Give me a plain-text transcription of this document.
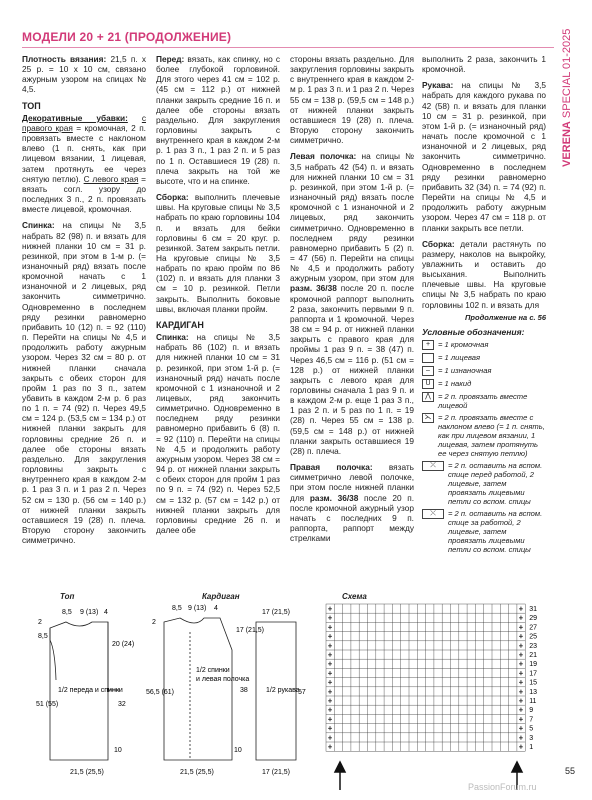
МОДЕЛИ 20 + 21 (ПРОДОЛЖЕНИЕ)
VERENA SPECIAL 01-2025

Плотность вязания: 21,5 п. x 25 р. = 10 x 10 см, связано ажурным узором на спицах № 4,5.

ТОП

Декоративные убавки: с правого края = кромочная, 2 п. провязать вместе с наклоном влево (1 п. снять, как при лицевом вязании, 1 лицевая, затем протянуть ее через снятую петлю). С левого края = вязать согл. узору до последних 3 п., 2 п. провязать вместе лицевой, кромочная.

Спинка: на спицы № 3,5 набрать 82 (98) п. и вязать для нижней планки 10 см = 31 р. резинкой, при этом в 1-м р. (= изнаночный ряд) вязать после кромочной начать с 1 изнаночной и 2 лицевых, ряд закончить симметрично. Одновременно в последнем ряду резинки равномерно прибавить 10 (12) п. = 92 (110) п. Перейти на спицы № 4,5 и продолжить работу ажурным узором. Через 32 см = 80 р. от нижней планки сначала закрыть с обеих сторон для пройм 1 раз по 3 п., затем убавить в каждом 2-м р. 6 раз по 1 п. = 74 (92) п. Через 49,5 см = 124 р. (53,5 см = 134 р.) от нижней планки закрыть для горловины средние 26 п. и далее обе стороны вязать раздельно. Для закругления горловины закрыть с внутреннего края в каждом 2-м р. 1 раз 3 п. и 1 раз 2 п. Через 52 см = 130 р. (56 см = 140 р.) от нижней планки закрыть оставшиеся 19 (28) п. плеча. Вторую сторону закончить симметрично.

Перед: вязать, как спинку, но с более глубокой горловиной. Для этого через 41 см = 102 р. (45 см = 112 р.) от нижней планки закрыть средние 16 п. и далее обе стороны вязать раздельно. Для закругления горловины закрыть с внутреннего края в каждом 2-м р. 1 раз 3 п., 1 раз 2 п. и 5 раз по 1 п. Оставшиеся 19 (28) п. плеча закрыть на той же высоте, что и на спинке.

Сборка: выполнить плечевые швы. На круговые спицы № 3,5 набрать по краю горловины 104 п. и вязать для бейки горловины 6 см = 20 круг. р. резинкой. Затем закрыть петли. На круговые спицы № 3,5 набрать по краю пройм по 86 (102) п. и вязать для планки 3 см = 10 р. резинкой. Петли закрыть. Выполнить боковые швы, включая планки пройм.

КАРДИГАН

Спинка: на спицы № 3,5 набрать 86 (102) п. и вязать для нижней планки 10 см = 31 р. резинкой, при этом 1-й р. (= изнаночный ряд) начать после кромочной с 1 изнаночной и 2 лицевых, ряд закончить симметрично. Одновременно в последнем ряду резинки равномерно прибавить 6 (8) п. = 92 (110) п. Перейти на спицы № 4,5 и продолжить работу ажурным узором. Через 38 см = 94 р. от нижней планки закрыть с обеих сторон для пройм 1 раз по 9 п. = 74 (92) п. Через 52,5 см = 132 р. (57 см = 142 р.) от нижней планки закрыть для горловины средние 26 п. и далее обе

стороны вязать раздельно. Для закругления горловины закрыть с внутреннего края в каждом 2-м р. 1 раз 3 п. и 1 раз 2 п. Через 55 см = 138 р. (59,5 см = 148 р.) от нижней планки закрыть оставшиеся 19 (28) п. плеча. Вторую сторону закончить симметрично.

Левая полочка: на спицы № 3,5 набрать 42 (54) п. и вязать для нижней планки 10 см = 31 р. резинкой, при этом 1-й р. (= изнаночный ряд) вязать после кромочной с 1 изнаночной и 2 лицевых, ряд закончить симметрично. Одновременно в последнем ряду резинки равномерно прибавить 5 (2) п. = 47 (56) п. Перейти на спицы № 4,5 и продолжить работу ажурным узором, при этом для разм. 36/38 после 20 п. после кромочной раппорт выполнить 2 раза, закончить первыми 9 п. раппорта и 1 кромочной. Через 38 см = 94 р. от нижней планки закрыть с правого края для проймы 1 раз 9 п. = 38 (47) п. Через 46,5 см = 116 р. (51 см = 128 р.) от нижней планки закрыть с левого края для горловины сначала 1 раз 9 п. и в каждом 2-м р. еще 1 раз 3 п., 1 раз 2 п. и 5 раз по 1 п. = 19 (28) п. Через 55 см = 138 р. (59,5 см = 148 р.) от нижней планки закрыть оставшиеся 19 (28) п. плеча.

Правая полочка: вязать симметрично левой полочке, при этом после нижней планки для разм. 36/38 после 20 п. после кромочной ажурный узор начать с последних 9 п. раппорта, раппорт между стрелками

выполнить 2 раза, закончить 1 кромочной.

Рукава: на спицы № 3,5 набрать для каждого рукава по 42 (58) п. и вязать для планки 10 см = 31 р. резинкой, при этом 1-й р. (= изнаночный ряд) начать после кромочной с 1 изнаночной и 2 лицевых, ряд закончить симметрично. Одновременно в последнем ряду резинки равномерно прибавить 32 (34) п. = 74 (92) п. Перейти на спицы № 4,5 и продолжить работу ажурным узором. Через 47 см = 118 р. от планки закрыть все петли.

Сборка: детали растянуть по размеру, наколов на выкройку, увлажнить и оставить до высыхания. Выполнить плечевые швы. На круговые спицы № 3,5 набрать по краю горловины 102 п. и вязать для

Продолжение на с. 56
Условные обозначения:
+	= 1 кромочная
= 1 лицевая
–	= 1 изнаночная
U = 1 накид
⋀ = 2 п. провязать вместе лицевой
⋋ = 2 п. провязать вместе с наклоном влево (= 1 п. снять, как при лицевом вязании, 1 лицевая, затем протянуть ее через снятую петлю)
⤫	= 2 п. оставить на вспом. спице перед работой, 2 лицевые, затем провязать лицевыми петли со вспом. спицы
⤬	= 2 п. оставить на вспом. спице за работой, 2 лицевые, затем провязать лицевыми петли со вспом. спицы
Топ	Кардиган	Схема
8,5 9 (13) 4
2
8,5
51 (55)
20 (24)
32
1/2 переда и спинки
10
21,5 (25,5)
8,5 9 (13) 4
2
56,5 (61)
10
17 (21,5)
38
1/2 спинки
и левая полочка
21,5 (25,5)
17 (21,5)
1/2 рукава
57
17 (21,5)
+	+
+	+
+	+
+	+
+	+
+	+
+	+
+	+
+	+
+	+
+	+
+	+
+	+
+	+
+	+
+	+
31
29
27
25
23
21
19
17
15
13
11
9
7
5
3
1
55
PassionForum.ru
